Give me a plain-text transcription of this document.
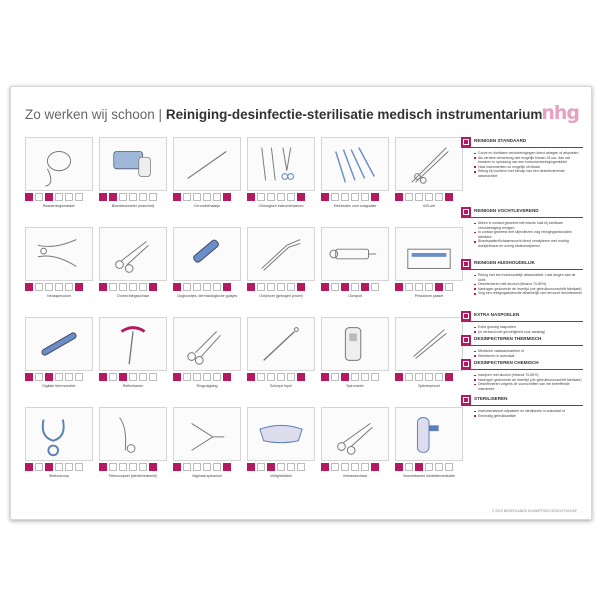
Zo werken wij schoon | Reiniging-desinfectie-sterilisatie medisch instrumentarium
nhg
Beademingsmasker	Bloeddrukmeter (manchet)	Ceruminehaakje	Chirurgisch instrumentarium	Elektroden voor coagulatie	IUD-set
Neusspeculum	Oorhechtingsschaar	Oogboortjes, dermatologische gutsjes	Oorpincet (gebogen pincet)	Oorspuit	Pessarium passet
Digitale thermometer	Reflexhamer	Ringzuigtang	Scherpe lepel	Spirometer	Splinterpincet
Stethoscoop	Telescoopset (steriel/onsteriel)	Vaginaal speculum	Veiligheidsbril	Verbandschaar	Voorzetkamer inhalatiemedicatie
REINIGEN STANDAARD
Grove en zichtbare verontreinigingen direct afvegen of afspoelen
Als verdere verwerking niet mogelijk binnen 24 uur, dan nat bewaren in oplossing van een instrumentreinigingsmiddel
Haal instrumenten zo mogelijk uit elkaar
Reinig bij voorkeur met behulp van een desinfecterende wasmachine
REINIGEN VOCHTLEVEREND
Alleen in contact geweest met intacte huid bij zichtbare verontreiniging reinigen
In contact geweest met slijmvliezen volg reinigingsinstructies fabrikant
Bloedspatten/lichaamsvocht direct verwijderen met vochtig doekje/tissue en overig afvalverwijderen
REINIGEN HUISHOUDELIJK
Reinig met een huishoudelijk afwasmiddel. Laat drogen aan de lucht.
Desinfecteren met alcohol (ethanol 70-80%)
Nadrogen gedurende de invertijd (zie gebruiksvoorschrift fabrikant)
Volg een reinigingsinstructie afhankelijk van het soort desinfecteren
EXTRA NASPOELEN
Extra grondig naspoelen
(in verband met gevoeligheid voor aanslag)
DESINFECTEREN THERMISCH
Medische vaatwasmachine of
Steriliseren in autoclaaf
DESINFECTEREN CHEMISCH
Inwrijven met alcohol (ethanol 70-80%)
Nadrogen gedurende de invertijd (zie gebruiksvoorschrift fabrikant)
Desinfecteren volgens de voorschriften van het betreffende instrument
STERILISEREN
Instrumentarium uitpakken en steriliseren in autoclaaf of
Eenmalig gebruiksartikel
© 2023 NEDERLANDS HUISARTSEN GENOOTSCHAP
